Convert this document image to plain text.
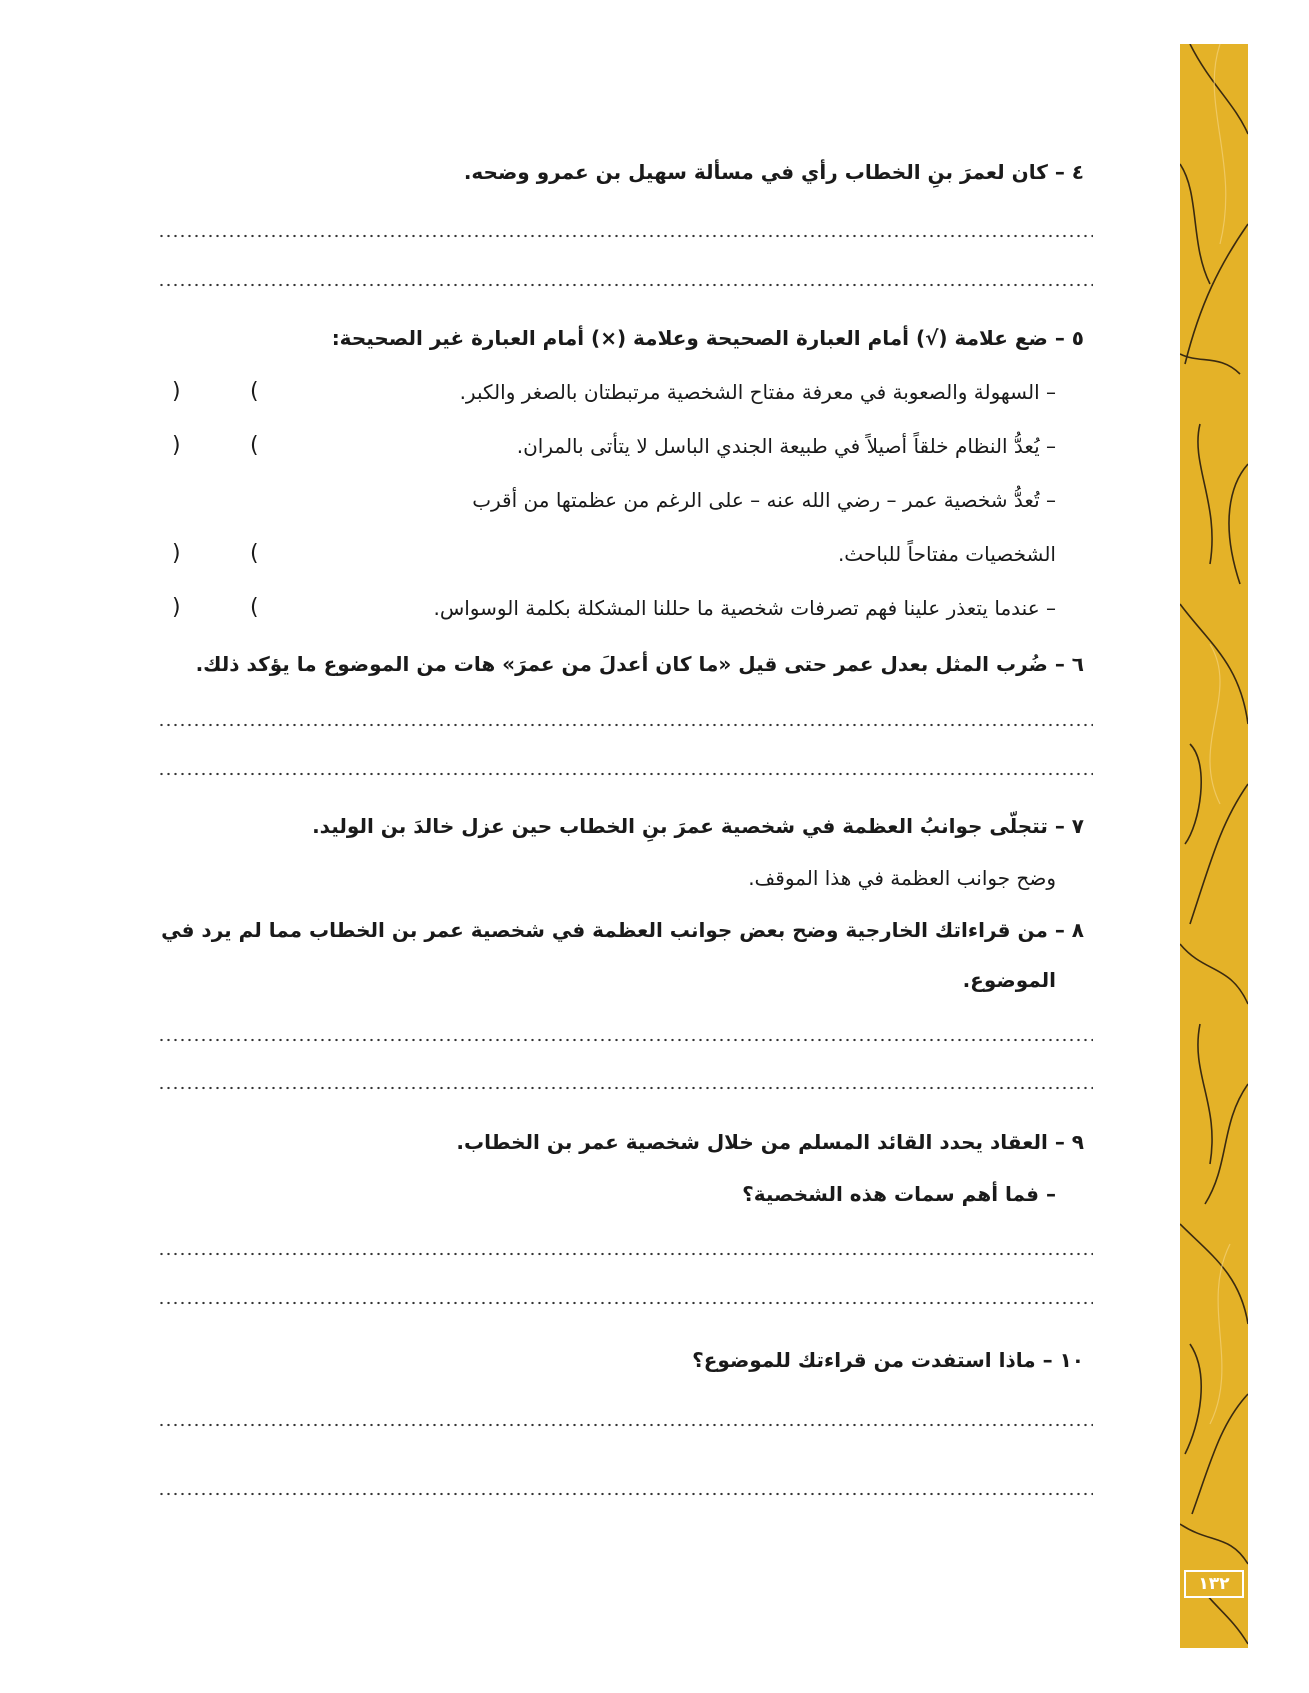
١٣٢
٤ – كان لعمرَ بنِ الخطاب رأي في مسألة سهيل بن عمرو وضحه.
٥ – ضع علامة (√) أمام العبارة الصحيحة وعلامة (×) أمام العبارة غير الصحيحة:
– السهولة والصعوبة في معرفة مفتاح الشخصية مرتبطتان بالصغر والكبر.
(
)
– يُعدُّ النظام خلقاً أصيلاً في طبيعة الجندي الباسل لا يتأتى بالمران.
(
)
– تُعدُّ شخصية عمر – رضي الله عنه – على الرغم من عظمتها من أقرب
الشخصيات مفتاحاً للباحث.
(
)
– عندما يتعذر علينا فهم تصرفات شخصية ما حللنا المشكلة بكلمة الوسواس.
(
)
٦ – ضُرب المثل بعدل عمر حتى قيل «ما كان أعدلَ من عمرَ» هات من الموضوع ما يؤكد ذلك.
٧ – تتجلّى جوانبُ العظمة في شخصية عمرَ بنِ الخطاب حين عزل خالدَ بن الوليد.
وضح جوانب العظمة في هذا الموقف.
٨ – من قراءاتك الخارجية وضح بعض جوانب العظمة في شخصية عمر بن الخطاب مما لم يرد في
الموضوع.
٩ – العقاد يحدد القائد المسلم من خلال شخصية عمر بن الخطاب.
– فما أهم سمات هذه الشخصية؟
١٠ – ماذا استفدت من قراءتك للموضوع؟
